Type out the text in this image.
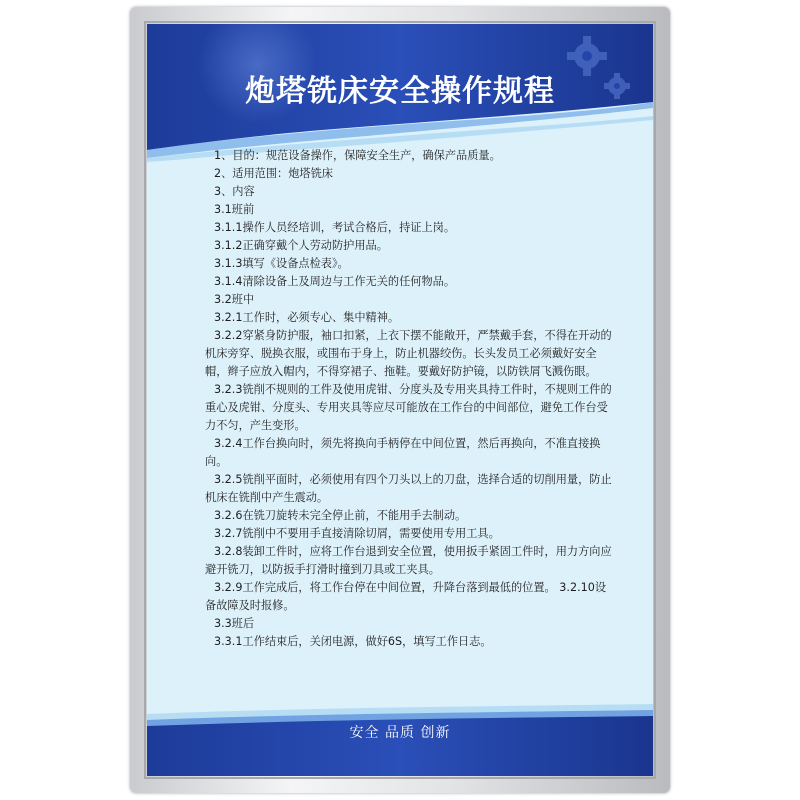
炮塔铣床安全操作规程

1、目的：规范设备操作，保障安全生产，确保产品质量。

2、适用范围：炮塔铣床

3、内容

3.1班前

3.1.1操作人员经培训，考试合格后，持证上岗。

3.1.2正确穿戴个人劳动防护用品。

3.1.3填写《设备点检表》。

3.1.4清除设备上及周边与工作无关的任何物品。

3.2班中

3.2.1工作时，必须专心、集中精神。

3.2.2穿紧身防护服，袖口扣紧，上衣下摆不能敞开，严禁戴手套，不得在开动的机床旁穿、脱换衣服，或围布于身上，防止机器绞伤。长头发员工必须戴好安全帽，辫子应放入帽内，不得穿裙子、拖鞋。要戴好防护镜，以防铁屑飞溅伤眼。

3.2.3铣削不规则的工件及使用虎钳、分度头及专用夹具持工件时，不规则工件的重心及虎钳、分度头、专用夹具等应尽可能放在工作台的中间部位，避免工作台受力不匀，产生变形。

3.2.4工作台换向时，须先将换向手柄停在中间位置，然后再换向，不准直接换向。

3.2.5铣削平面时，必须使用有四个刀头以上的刀盘，选择合适的切削用量，防止机床在铣削中产生震动。

3.2.6在铣刀旋转未完全停止前，不能用手去制动。

3.2.7铣削中不要用手直接清除切屑，需要使用专用工具。

3.2.8装卸工件时，应将工作台退到安全位置，使用扳手紧固工件时，用力方向应避开铣刀，以防扳手打滑时撞到刀具或工夹具。

3.2.9工作完成后，将工作台停在中间位置，升降台落到最低的位置。 3.2.10设备故障及时报修。

3.3班后

3.3.1工作结束后，关闭电源，做好6S，填写工作日志。

安全 品质 创新
